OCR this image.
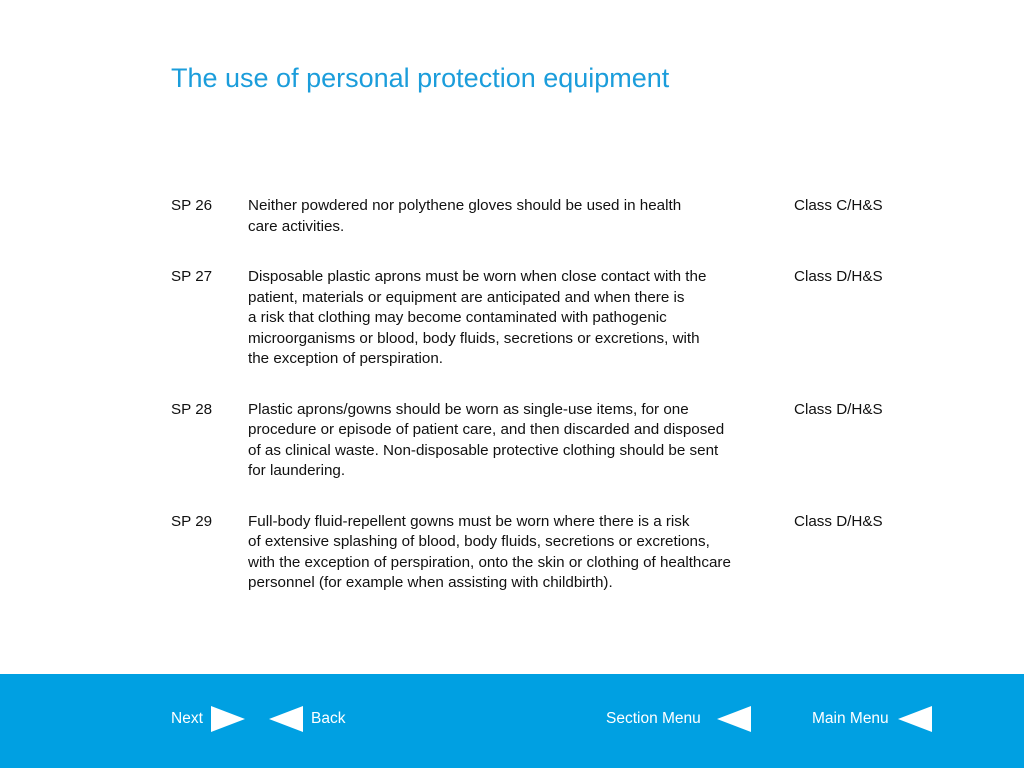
The use of personal protection equipment
SP 26 Neither powdered nor polythene gloves should be used in health
care activities.
Class C/H&S
SP 27 Disposable plastic aprons must be worn when close contact with the
patient, materials or equipment are anticipated and when there is
a risk that clothing may become contaminated with pathogenic
microorganisms or blood, body fluids, secretions or excretions, with
the exception of perspiration.
Class D/H&S
SP 28 Plastic aprons/gowns should be worn as single-use items, for one
procedure or episode of patient care, and then discarded and disposed
of as clinical waste. Non-disposable protective clothing should be sent
for laundering.
Class D/H&S
SP 29 Full-body fluid-repellent gowns must be worn where there is a risk
of extensive splashing of blood, body fluids, secretions or excretions,
with the exception of perspiration, onto the skin or clothing of healthcare
personnel (for example when assisting with childbirth).
Class D/H&S
Next	Back	Section Menu	Main Menu
